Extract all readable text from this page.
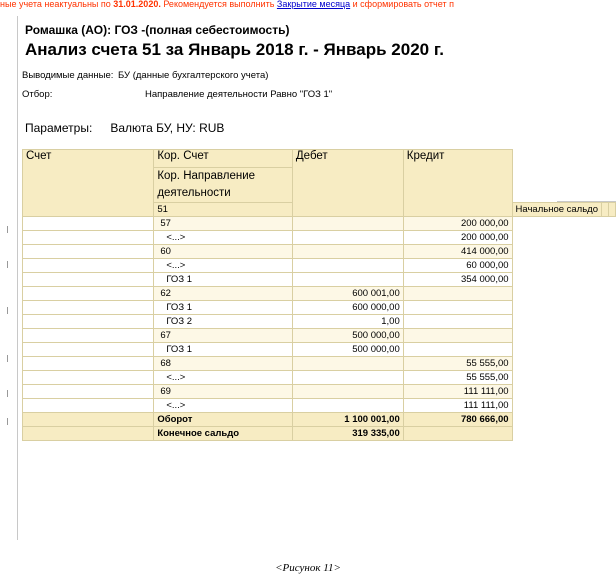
ные учета неактуальны по 31.01.2020. Рекомендуется выполнить Закрытие месяца и сформировать отчет п
Ромашка (АО): ГОЗ -(полная себестоимость)
Анализ счета 51 за Январь 2018 г. - Январь 2020 г.
Выводимые данные: БУ (данные бухгалтерского учета)
Отбор:	Направление деятельности Равно "ГОЗ 1"
Параметры: Валюта БУ, НУ: RUB
Счет	Кор. Счет	Дебет	Кредит			
	Кор. Направление деятельности					
	51			Начальное сальдо		
	57		200 000,00			
	<...>		200 000,00			
	60		414 000,00			
	<...>		60 000,00			
	ГОЗ 1		354 000,00			
	62	600 001,00				
	ГОЗ 1	600 000,00				
	ГОЗ 2	1,00				
	67	500 000,00				
	ГОЗ 1	500 000,00				
	68		55 555,00			
	<...>		55 555,00			
	69		111 111,00			
	<...>		111 111,00			
	Оборот	1 100 001,00	780 666,00			
	Конечное сальдо	319 335,00				
<Рисунок 11>
